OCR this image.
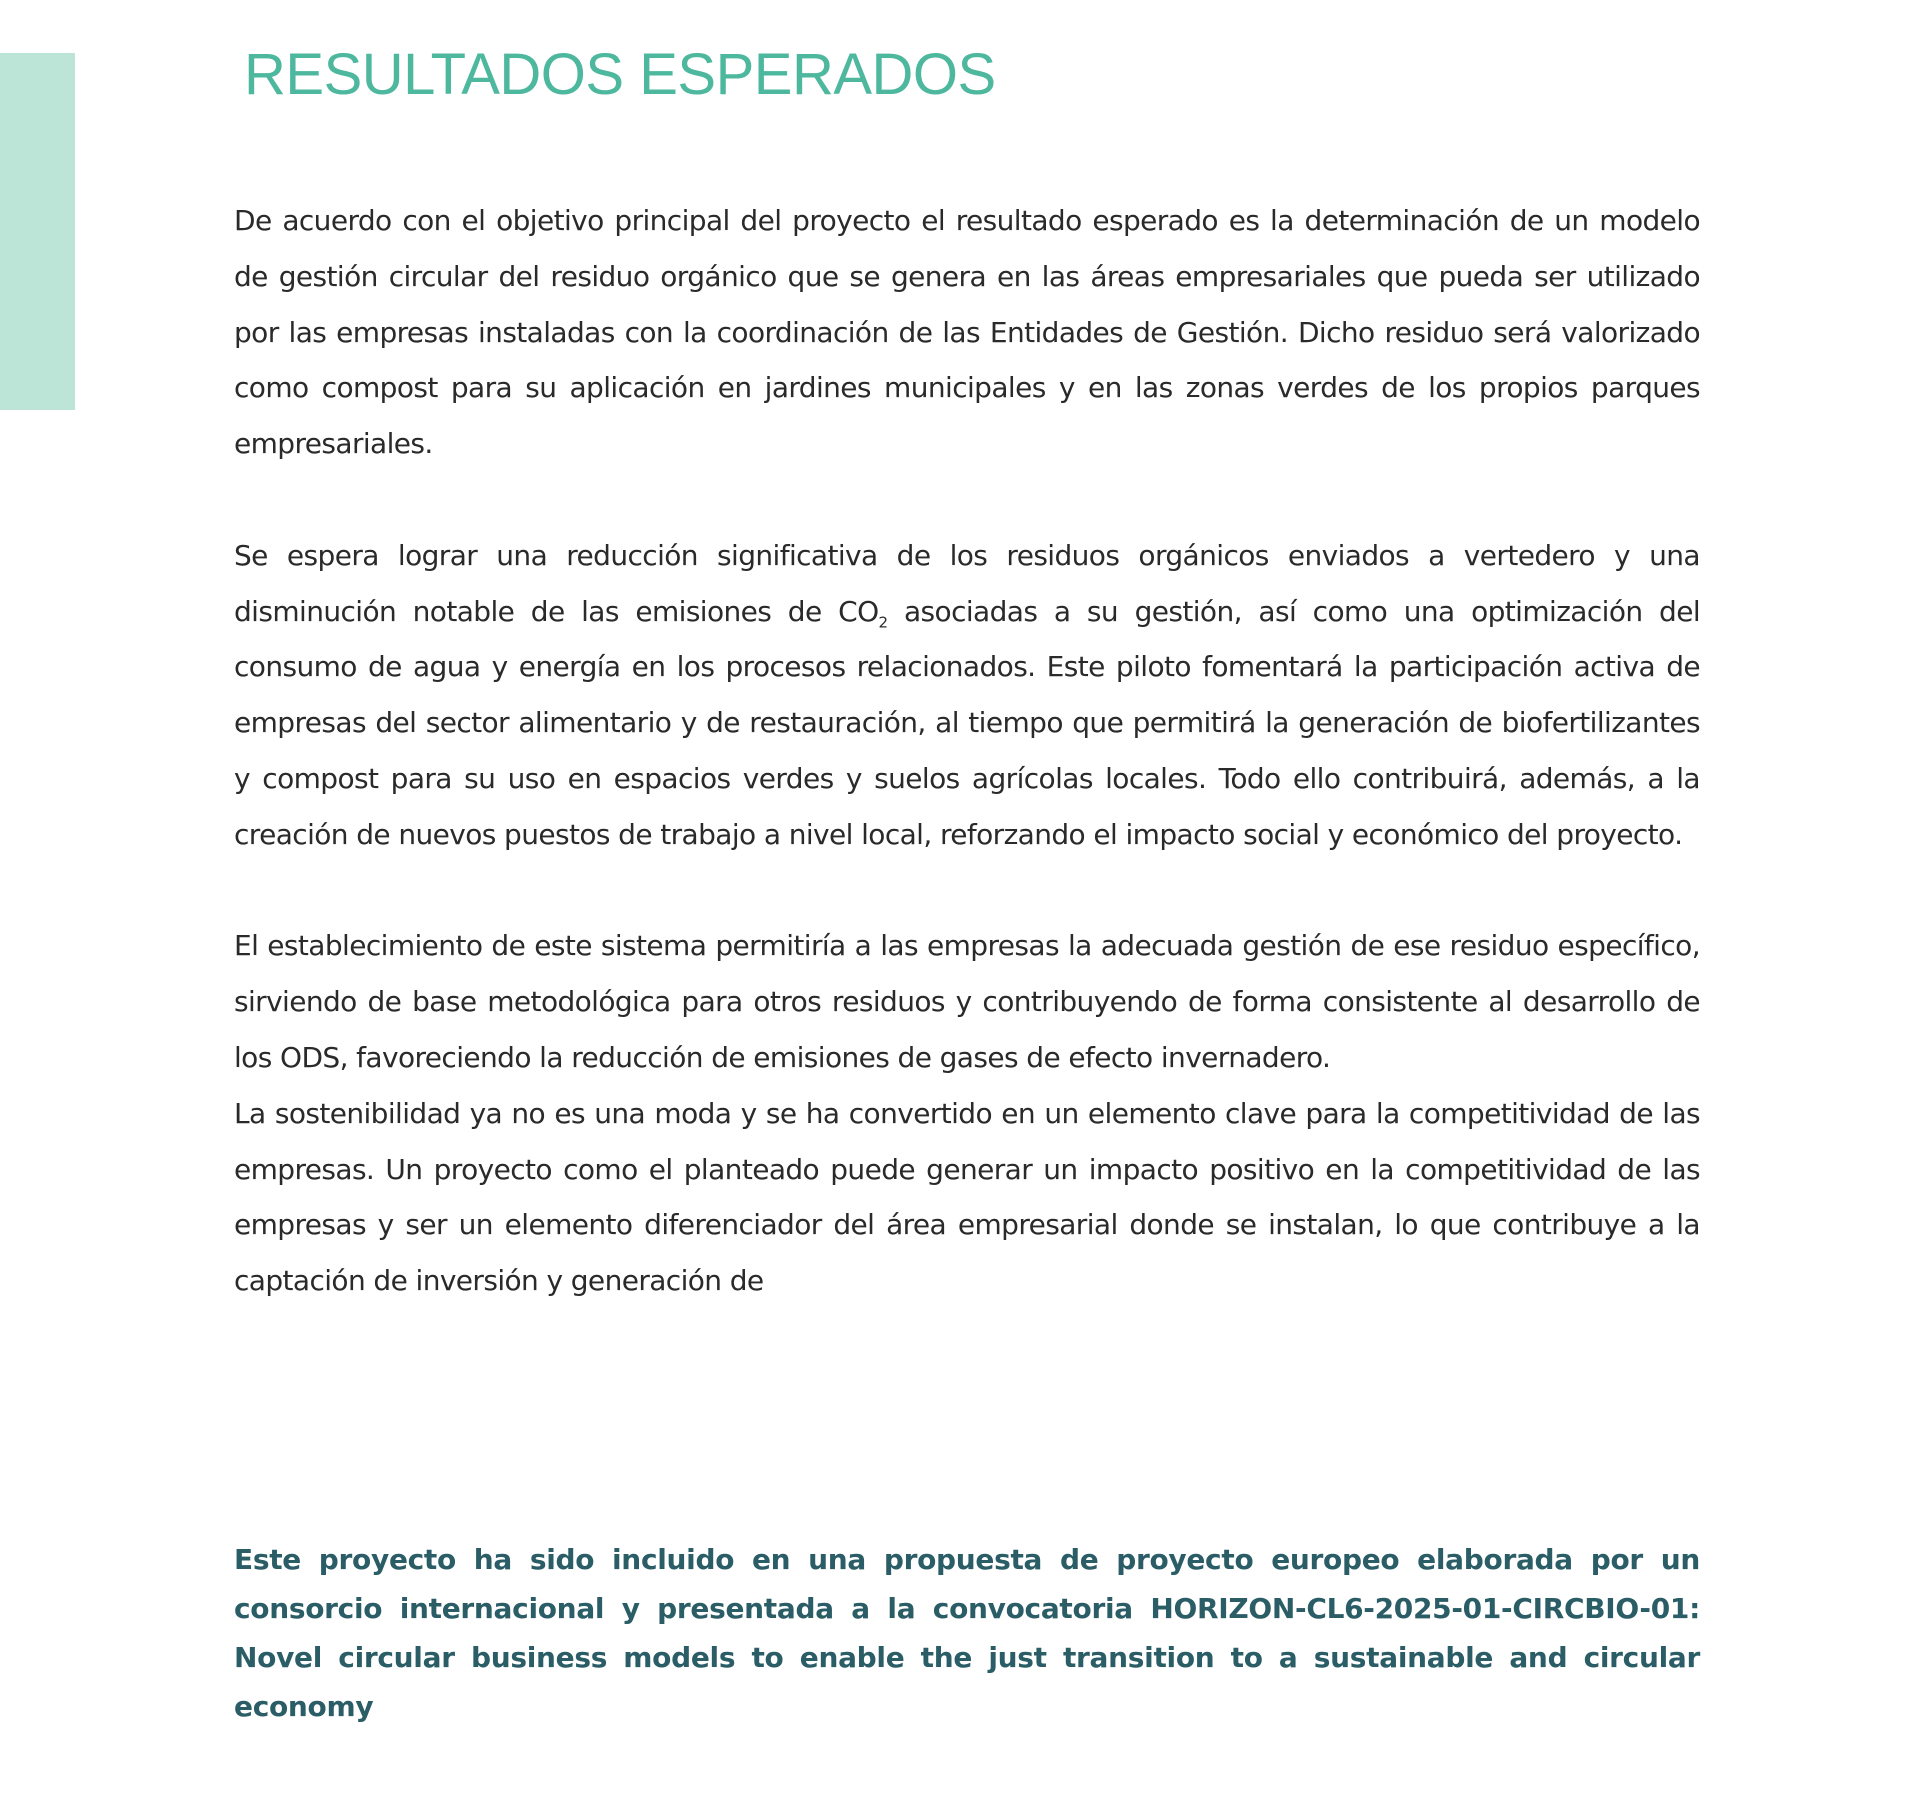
RESULTADOS ESPERADOS

De acuerdo con el objetivo principal del proyecto el resultado esperado es la determinación de un modelo de gestión circular del residuo orgánico que se genera en las áreas empresariales que pueda ser utilizado por las empresas instaladas con la coordinación de las Entidades de Gestión. Dicho residuo será valorizado como compost para su aplicación en jardines municipales y en las zonas verdes de los propios parques empresariales.

Se espera lograr una reducción significativa de los residuos orgánicos enviados a vertedero y una disminución notable de las emisiones de $CO_2$ asociadas a su gestión, así como una optimización del consumo de agua y energía en los procesos relacionados. Este piloto fomentará la participación activa de empresas del sector alimentario y de restauración, al tiempo que permitirá la generación de biofertilizantes y compost para su uso en espacios verdes y suelos agrícolas locales. Todo ello contribuirá, además, a la creación de nuevos puestos de trabajo a nivel local, reforzando el impacto social y económico del proyecto.

El establecimiento de este sistema permitiría a las empresas la adecuada gestión de ese residuo específico, sirviendo de base metodológica para otros residuos y contribuyendo de forma consistente al desarrollo de los ODS, favoreciendo la reducción de emisiones de gases de efecto invernadero.

La sostenibilidad ya no es una moda y se ha convertido en un elemento clave para la competitividad de las empresas. Un proyecto como el planteado puede generar un impacto positivo en la competitividad de las empresas y ser un elemento diferenciador del área empresarial donde se instalan, lo que contribuye a la captación de inversión y generación de

Este proyecto ha sido incluido en una propuesta de proyecto europeo elaborada por un consorcio internacional y presentada a la convocatoria HORIZON-CL6-2025-01-CIRCBIO-01: Novel circular business models to enable the just transition to a sustainable and circular economy
